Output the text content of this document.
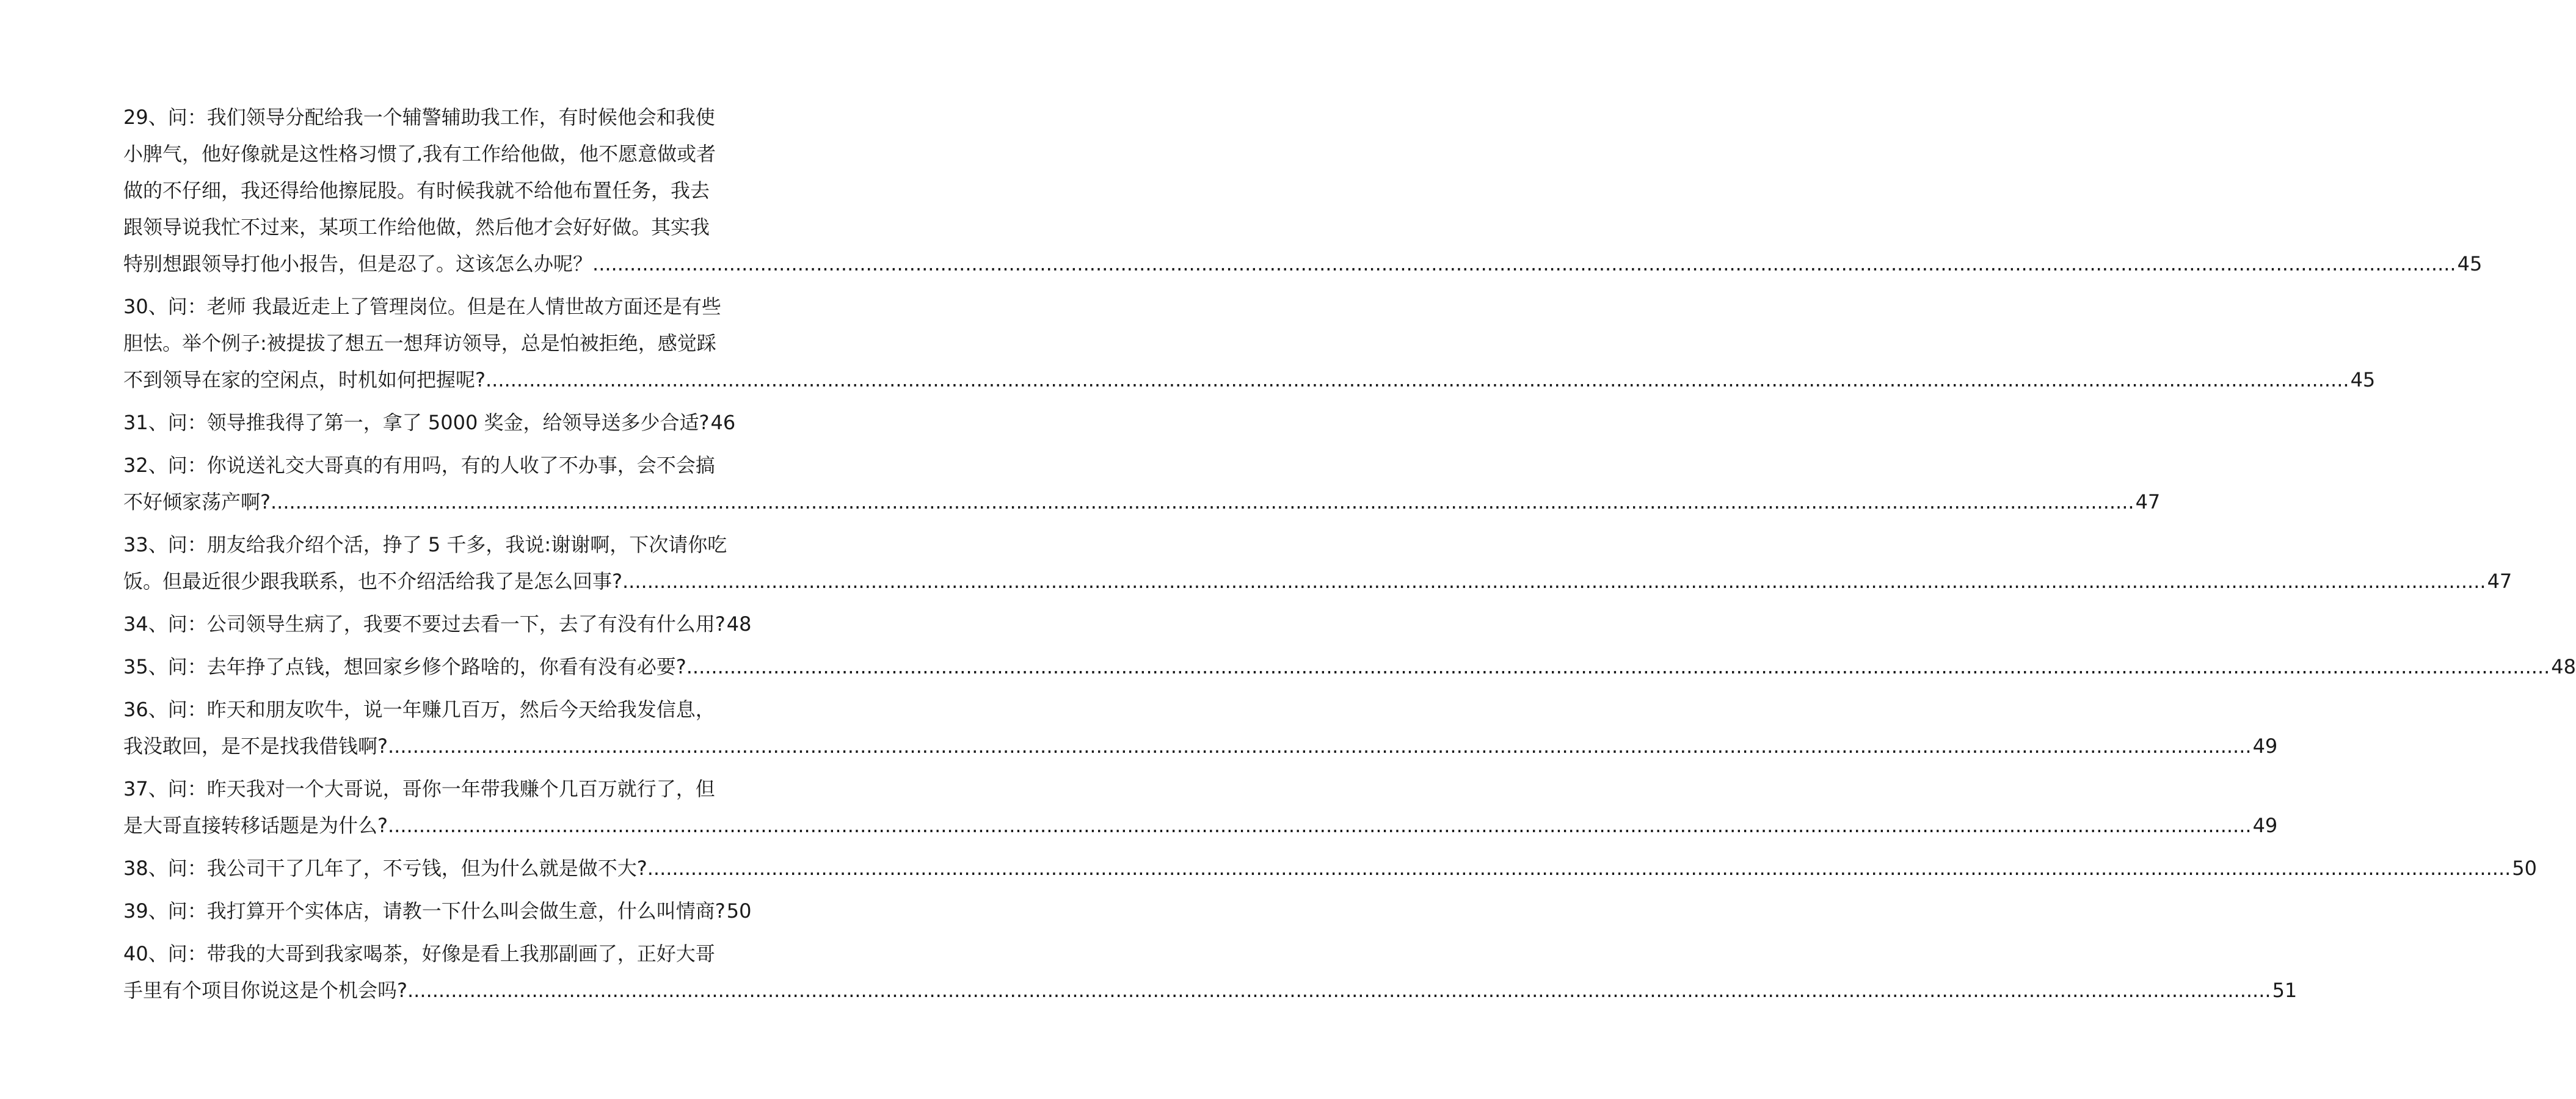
29、问：我们领导分配给我一个辅警辅助我工作，有时候他会和我使
小脾气，他好像就是这性格习惯了,我有工作给他做，他不愿意做或者
做的不仔细，我还得给他擦屁股。有时候我就不给他布置任务，我去
跟领导说我忙不过来，某项工作给他做，然后他才会好好做。其实我
特别想跟领导打他小报告，但是忍了。这该怎么办呢？ ............................................................................................................................................................................................................................................................................................................ 45
30、问：老师 我最近走上了管理岗位。但是在人情世故方面还是有些
胆怯。举个例子:被提拔了想五一想拜访领导，总是怕被拒绝，感觉踩
不到领导在家的空闲点，时机如何把握呢? ............................................................................................................................................................................................................................................................................................................ 45
31、问：领导推我得了第一，拿了 5000 奖金，给领导送多少合适? 46
32、问：你说送礼交大哥真的有用吗，有的人收了不办事，会不会搞
不好倾家荡产啊? ............................................................................................................................................................................................................................................................................................................ 47
33、问：朋友给我介绍个活，挣了 5 千多，我说:谢谢啊，下次请你吃
饭。但最近很少跟我联系，也不介绍活给我了是怎么回事? ............................................................................................................................................................................................................................................................................................................ 47
34、问：公司领导生病了，我要不要过去看一下，去了有没有什么用? 48
35、问：去年挣了点钱，想回家乡修个路啥的，你看有没有必要? ............................................................................................................................................................................................................................................................................................................ 48
36、问：昨天和朋友吹牛，说一年赚几百万，然后今天给我发信息，
我没敢回，是不是找我借钱啊? ............................................................................................................................................................................................................................................................................................................ 49
37、问：昨天我对一个大哥说，哥你一年带我赚个几百万就行了，但
是大哥直接转移话题是为什么? ............................................................................................................................................................................................................................................................................................................ 49
38、问：我公司干了几年了，不亏钱，但为什么就是做不大? ............................................................................................................................................................................................................................................................................................................ 50
39、问：我打算开个实体店，请教一下什么叫会做生意，什么叫情商? 50
40、问：带我的大哥到我家喝茶，好像是看上我那副画了，正好大哥
手里有个项目你说这是个机会吗? ............................................................................................................................................................................................................................................................................................................ 51
